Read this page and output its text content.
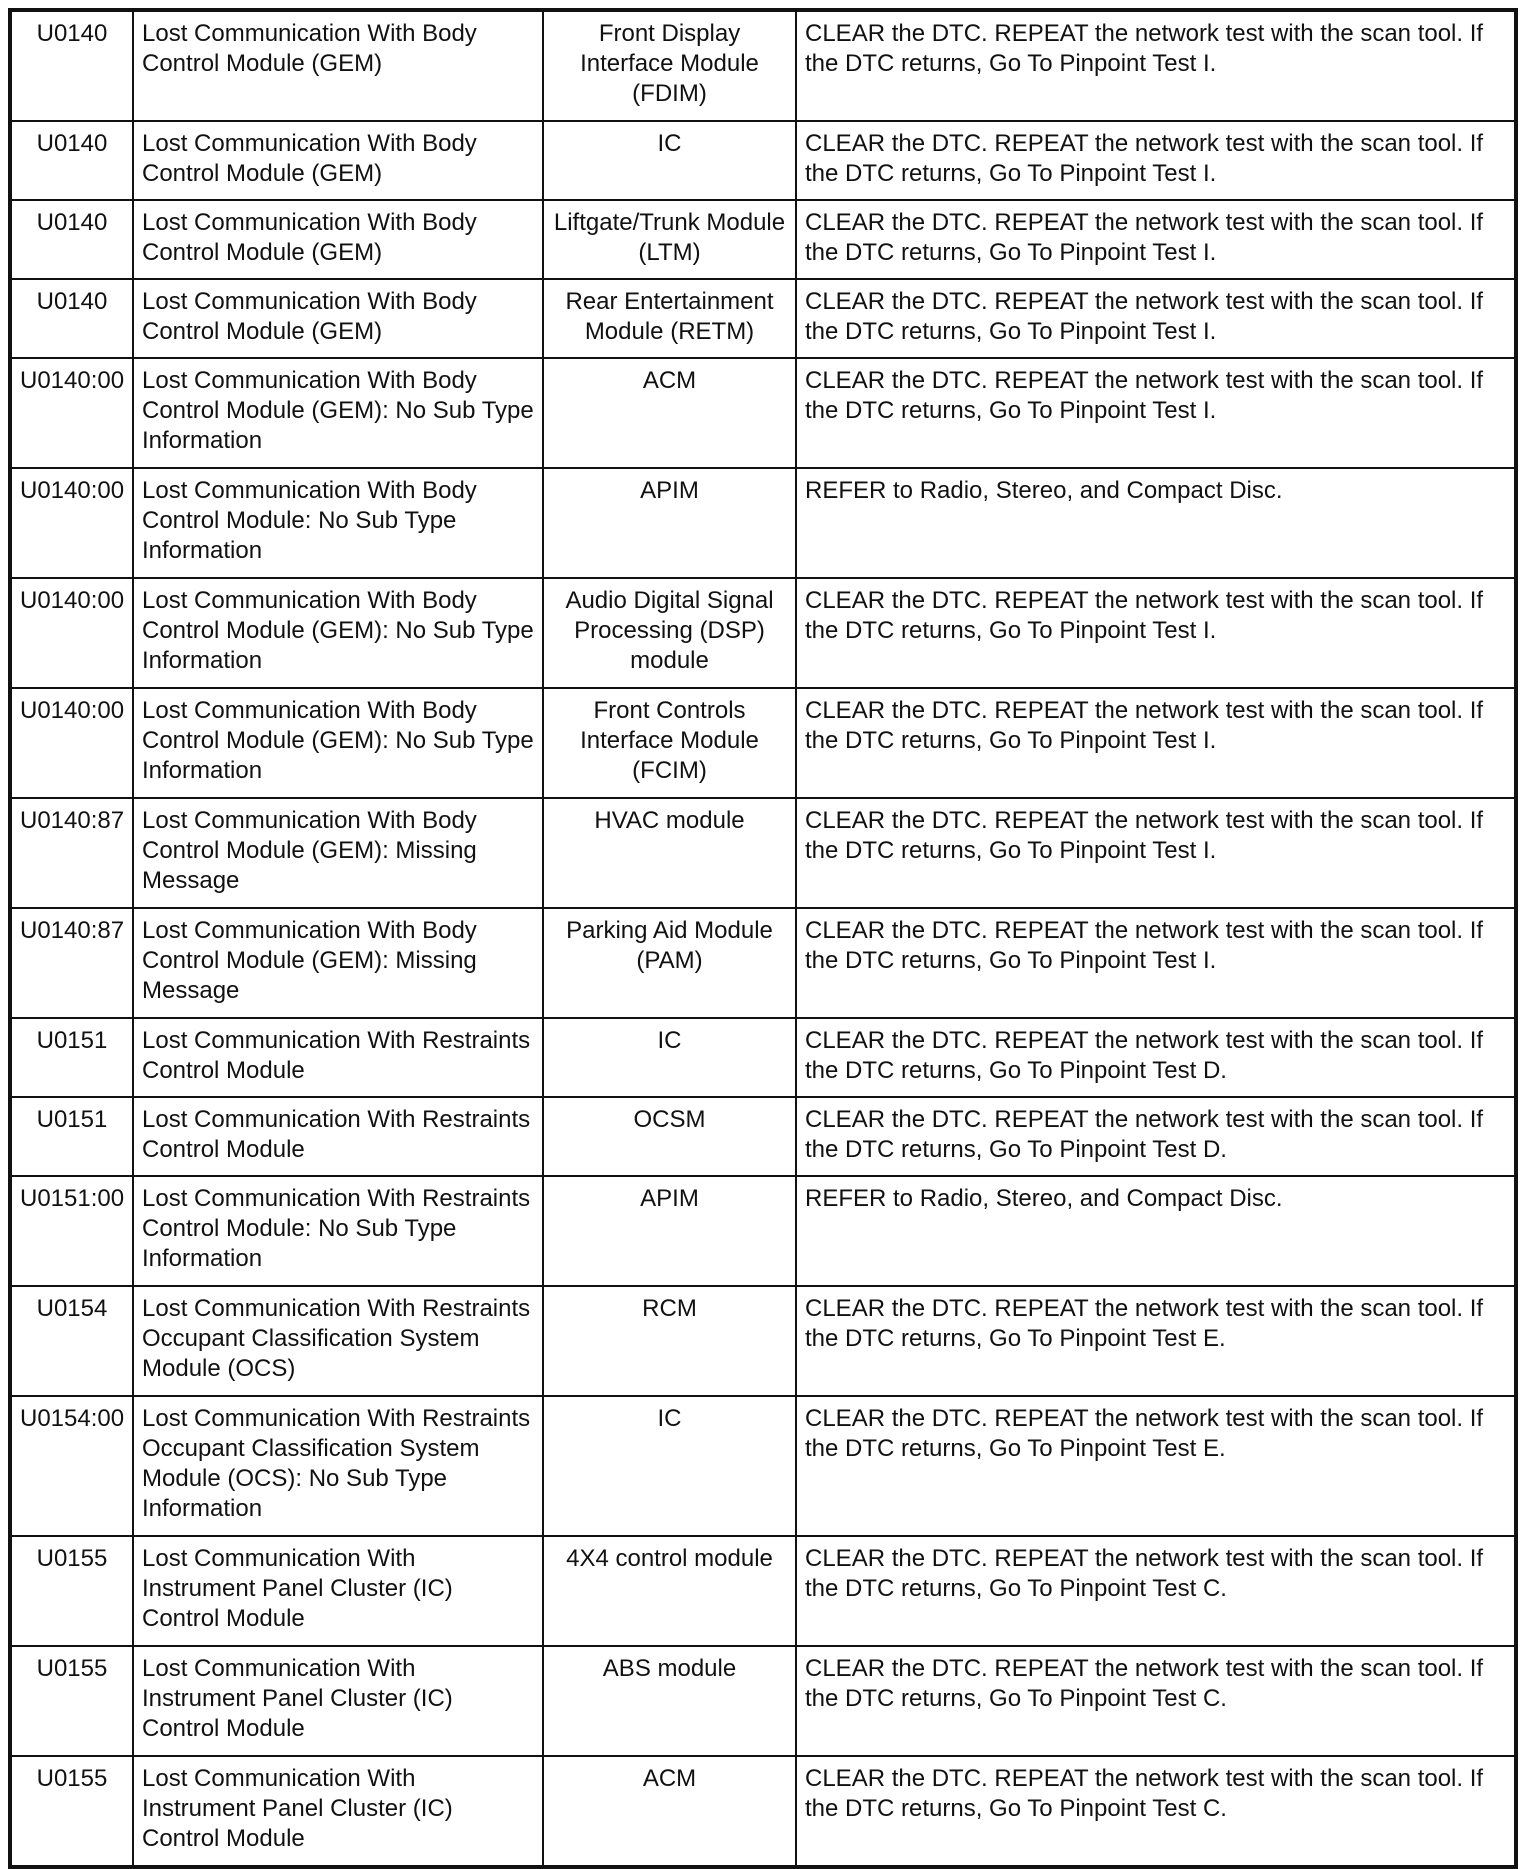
U0140	Lost Communication With Body Control Module (GEM)	Front Display Interface Module (FDIM)	CLEAR the DTC. REPEAT the network test with the scan tool. If the DTC returns, Go To Pinpoint Test I.
U0140	Lost Communication With Body Control Module (GEM)	IC	CLEAR the DTC. REPEAT the network test with the scan tool. If the DTC returns, Go To Pinpoint Test I.
U0140	Lost Communication With Body Control Module (GEM)	Liftgate/Trunk Module (LTM)	CLEAR the DTC. REPEAT the network test with the scan tool. If the DTC returns, Go To Pinpoint Test I.
U0140	Lost Communication With Body Control Module (GEM)	Rear Entertainment Module (RETM)	CLEAR the DTC. REPEAT the network test with the scan tool. If the DTC returns, Go To Pinpoint Test I.
U0140:00	Lost Communication With Body Control Module (GEM): No Sub Type Information	ACM	CLEAR the DTC. REPEAT the network test with the scan tool. If the DTC returns, Go To Pinpoint Test I.
U0140:00	Lost Communication With Body Control Module: No Sub Type Information	APIM	REFER to Radio, Stereo, and Compact Disc.
U0140:00	Lost Communication With Body Control Module (GEM): No Sub Type Information	Audio Digital Signal Processing (DSP) module	CLEAR the DTC. REPEAT the network test with the scan tool. If the DTC returns, Go To Pinpoint Test I.
U0140:00	Lost Communication With Body Control Module (GEM): No Sub Type Information	Front Controls Interface Module (FCIM)	CLEAR the DTC. REPEAT the network test with the scan tool. If the DTC returns, Go To Pinpoint Test I.
U0140:87	Lost Communication With Body Control Module (GEM): Missing Message	HVAC module	CLEAR the DTC. REPEAT the network test with the scan tool. If the DTC returns, Go To Pinpoint Test I.
U0140:87	Lost Communication With Body Control Module (GEM): Missing Message	Parking Aid Module (PAM)	CLEAR the DTC. REPEAT the network test with the scan tool. If the DTC returns, Go To Pinpoint Test I.
U0151	Lost Communication With Restraints Control Module	IC	CLEAR the DTC. REPEAT the network test with the scan tool. If the DTC returns, Go To Pinpoint Test D.
U0151	Lost Communication With Restraints Control Module	OCSM	CLEAR the DTC. REPEAT the network test with the scan tool. If the DTC returns, Go To Pinpoint Test D.
U0151:00	Lost Communication With Restraints Control Module: No Sub Type Information	APIM	REFER to Radio, Stereo, and Compact Disc.
U0154	Lost Communication With Restraints Occupant Classification System Module (OCS)	RCM	CLEAR the DTC. REPEAT the network test with the scan tool. If the DTC returns, Go To Pinpoint Test E.
U0154:00	Lost Communication With Restraints Occupant Classification System Module (OCS): No Sub Type Information	IC	CLEAR the DTC. REPEAT the network test with the scan tool. If the DTC returns, Go To Pinpoint Test E.
U0155	Lost Communication With Instrument Panel Cluster (IC) Control Module	4X4 control module	CLEAR the DTC. REPEAT the network test with the scan tool. If the DTC returns, Go To Pinpoint Test C.
U0155	Lost Communication With Instrument Panel Cluster (IC) Control Module	ABS module	CLEAR the DTC. REPEAT the network test with the scan tool. If the DTC returns, Go To Pinpoint Test C.
U0155	Lost Communication With Instrument Panel Cluster (IC) Control Module	ACM	CLEAR the DTC. REPEAT the network test with the scan tool. If the DTC returns, Go To Pinpoint Test C.
